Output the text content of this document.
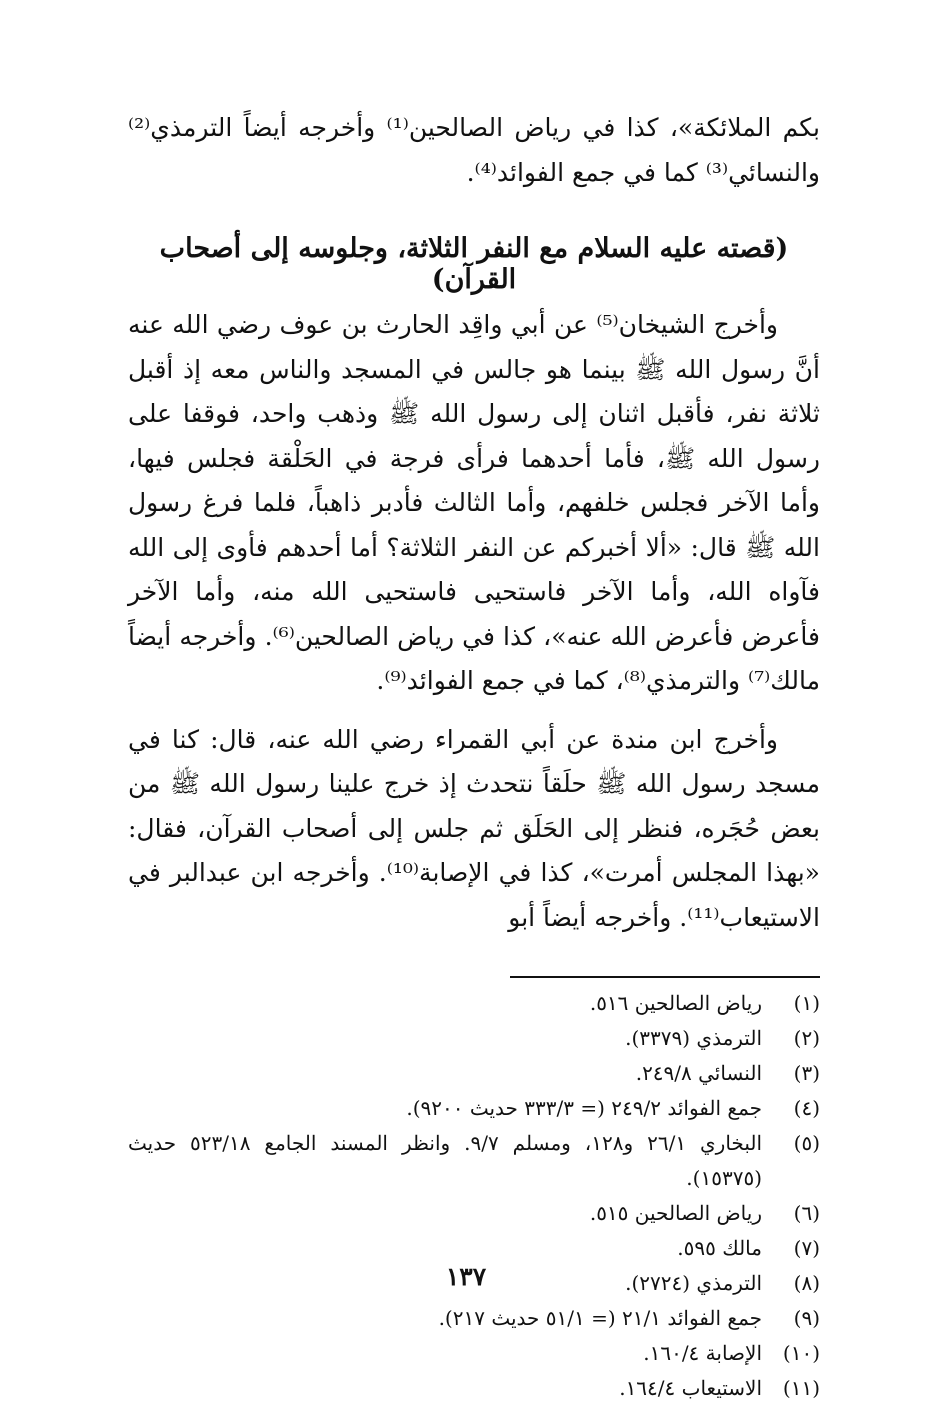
بكم الملائكة»، كذا في رياض الصالحين⁽¹⁾ وأخرجه أيضاً الترمذي⁽²⁾ والنسائي⁽³⁾ كما في جمع الفوائد⁽⁴⁾.

(قصته عليه السلام مع النفر الثلاثة، وجلوسه إلى أصحاب القرآن)

وأخرج الشيخان⁽⁵⁾ عن أبي واقِد الحارث بن عوف رضي الله عنه أنَّ رسول الله ﷺ بينما هو جالس في المسجد والناس معه إذ أقبل ثلاثة نفر، فأقبل اثنان إلى رسول الله ﷺ وذهب واحد، فوقفا على رسول الله ﷺ، فأما أحدهما فرأى فرجة في الحَلْقة فجلس فيها، وأما الآخر فجلس خلفهم، وأما الثالث فأدبر ذاهباً، فلما فرغ رسول الله ﷺ قال: «ألا أخبركم عن النفر الثلاثة؟ أما أحدهم فأوى إلى الله فآواه الله، وأما الآخر فاستحيى فاستحيى الله منه، وأما الآخر فأعرض فأعرض الله عنه»، كذا في رياض الصالحين⁽⁶⁾. وأخرجه أيضاً مالك⁽⁷⁾ والترمذي⁽⁸⁾، كما في جمع الفوائد⁽⁹⁾.

وأخرج ابن مندة عن أبي القمراء رضي الله عنه، قال: كنا في مسجد رسول الله ﷺ حلَقاً نتحدث إذ خرج علينا رسول الله ﷺ من بعض حُجَره، فنظر إلى الحَلَق ثم جلس إلى أصحاب القرآن، فقال: «بهذا المجلس أمرت»، كذا في الإصابة⁽¹⁰⁾. وأخرجه ابن عبدالبر في الاستيعاب⁽¹¹⁾. وأخرجه أيضاً أبو

(١)
رياض الصالحين ٥١٦.
(٢)
الترمذي (٣٣٧٩).
(٣)
النسائي ٢٤٩/٨.
(٤)
جمع الفوائد ٢٤٩/٢ (= ٣٣٣/٣ حديث ٩٢٠٠).
(٥)
البخاري ٢٦/١ و١٢٨، ومسلم ٩/٧. وانظر المسند الجامع ٥٢٣/١٨ حديث (١٥٣٧٥).
(٦)
رياض الصالحين ٥١٥.
(٧)
مالك ٥٩٥.
(٨)
الترمذي (٢٧٢٤).
(٩)
جمع الفوائد ٢١/١ (= ٥١/١ حديث ٢١٧).
(١٠)
الإصابة ١٦٠/٤.
(١١)
الاستيعاب ١٦٤/٤.
١٣٧
